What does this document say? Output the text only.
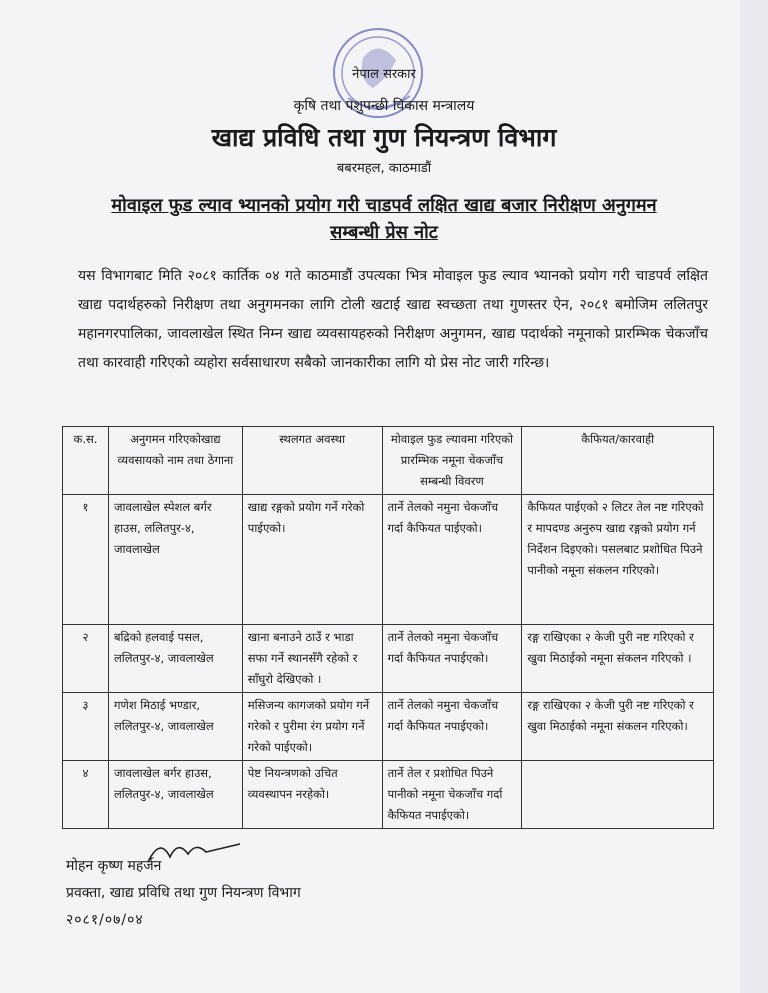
नेपाल सरकार
कृषि तथा पशुपन्छी विकास मन्त्रालय
खाद्य प्रविधि तथा गुण नियन्त्रण विभाग
बबरमहल, काठमाडौं
मोवाइल फुड ल्याव भ्यानको प्रयोग गरी चाडपर्व लक्षित खाद्य बजार निरीक्षण अनुगमन
सम्बन्धी प्रेस नोट
यस विभागबाट मिति २०८१ कार्तिक ०४ गते काठमाडौं उपत्यका भित्र मोवाइल फुड ल्याव भ्यानको प्रयोग गरी चाडपर्व लक्षित खाद्य पदार्थहरुको निरीक्षण तथा अनुगमनका लागि टोली खटाई खाद्य स्वच्छता तथा गुणस्तर ऐन, २०८१ बमोजिम ललितपुर महानगरपालिका, जावलाखेल स्थित निम्न खाद्य व्यवसायहरुको निरीक्षण अनुगमन, खाद्य पदार्थको नमूनाको प्रारम्भिक चेकजाँच तथा कारवाही गरिएको व्यहोरा सर्वसाधारण सबैको जानकारीका लागि यो प्रेस नोट जारी गरिन्छ।
क.स.	अनुगमन गरिएकोखाद्य व्यवसायको नाम तथा ठेगाना	स्थलगत अवस्था	मोवाइल फुड ल्यावमा गरिएको प्रारम्भिक नमूना चेकजाँच सम्बन्धी विवरण	कैफियत/कारवाही
१	जावलाखेल स्पेशल बर्गर हाउस, ललितपुर-४, जावलाखेल	खाद्य रङ्गको प्रयोग गर्ने गरेको पाईएको।	तार्ने तेलको नमुना चेकजाँच गर्दा कैफियत पाईएको।	कैफियत पाईएको २ लिटर तेल नष्ट गरिएको र मापदण्ड अनुरुप खाद्य रङ्गको प्रयोग गर्न निर्देशन दिइएको। पसलबाट प्रशोधित पिउने पानीको नमूना संकलन गरिएको।
२	बद्रिको हलवाई पसल, ललितपुर-४, जावलाखेल	खाना बनाउने ठाउँ र भाडा सफा गर्ने स्थानसँगै रहेको र साँघुरो देखिएको ।	तार्ने तेलको नमुना चेकजाँच गर्दा कैफियत नपाईएको।	रङ्ग राखिएका २ केजी पुरी नष्ट गरिएको र खुवा मिठाईको नमूना संकलन गरिएको ।
३	गणेश मिठाई भण्डार, ललितपुर-४, जावलाखेल	मसिजन्य कागजको प्रयोग गर्ने गरेको र पुरीमा रंग प्रयोग गर्ने गरेको पाईएको।	तार्ने तेलको नमुना चेकजाँच गर्दा कैफियत नपाईएको।	रङ्ग राखिएका २ केजी पुरी नष्ट गरिएको र खुवा मिठाईको नमूना संकलन गरिएको।
४	जावलाखेल बर्गर हाउस, ललितपुर-४, जावलाखेल	पेष्ट नियन्त्रणको उचित व्यवस्थापन नरहेको।	तार्ने तेल र प्रशोधित पिउने पानीको नमूना चेकजाँच गर्दा कैफियत नपाईएको।	
मोहन कृष्ण महर्जन
प्रवक्ता, खाद्य प्रविधि तथा गुण नियन्त्रण विभाग
२०८१/०७/०४
